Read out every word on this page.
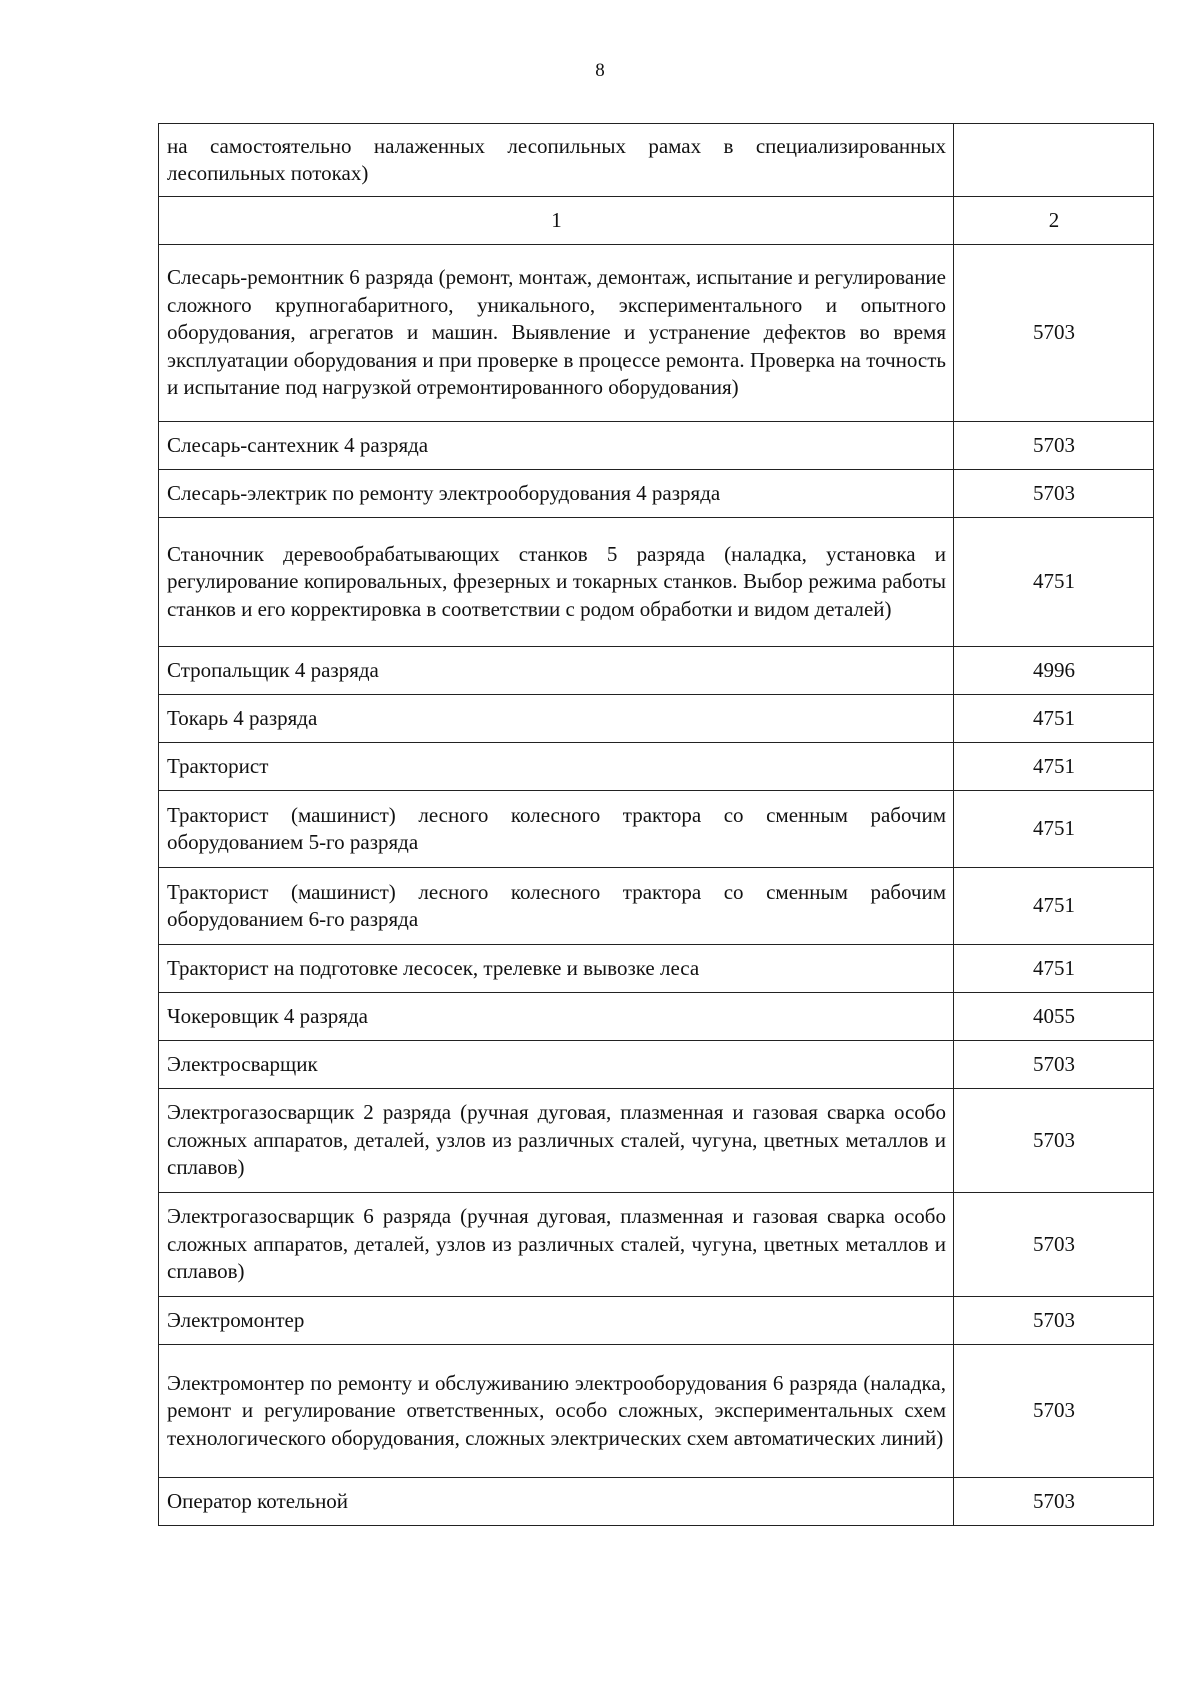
8
на самостоятельно налаженных лесопильных рамах в специализированных лесопильных потоках)	
1	2
Слесарь-ремонтник 6 разряда (ремонт, монтаж, демонтаж, испытание и регулирование сложного крупногабаритного, уникального, экспериментального и опытного оборудования, агрегатов и машин. Выявление и устранение дефектов во время эксплуатации оборудования и при проверке в процессе ремонта. Проверка на точность и испытание под нагрузкой отремонтированного оборудования)	5703
Слесарь-сантехник 4 разряда	5703
Слесарь-электрик по ремонту электрооборудования 4 разряда	5703
Станочник деревообрабатывающих станков 5 разряда (наладка, установка и регулирование копировальных, фрезерных и токарных станков. Выбор режима работы станков и его корректировка в соответствии с родом обработки и видом деталей)	4751
Стропальщик 4 разряда	4996
Токарь 4 разряда	4751
Тракторист	4751
Тракторист (машинист) лесного колесного трактора со сменным рабочим оборудованием 5-го разряда	4751
Тракторист (машинист) лесного колесного трактора со сменным рабочим оборудованием 6-го разряда	4751
Тракторист на подготовке лесосек, трелевке и вывозке леса	4751
Чокеровщик 4 разряда	4055
Электросварщик	5703
Электрогазосварщик 2 разряда (ручная дуговая, плазменная и газовая сварка особо сложных аппаратов, деталей, узлов из различных сталей, чугуна, цветных металлов и сплавов)	5703
Электрогазосварщик 6 разряда (ручная дуговая, плазменная и газовая сварка особо сложных аппаратов, деталей, узлов из различных сталей, чугуна, цветных металлов и сплавов)	5703
Электромонтер	5703
Электромонтер по ремонту и обслуживанию электрооборудования 6 разряда (наладка, ремонт и регулирование ответственных, особо сложных, экспериментальных схем технологического оборудования, сложных электрических схем автоматических линий)	5703
Оператор котельной	5703
